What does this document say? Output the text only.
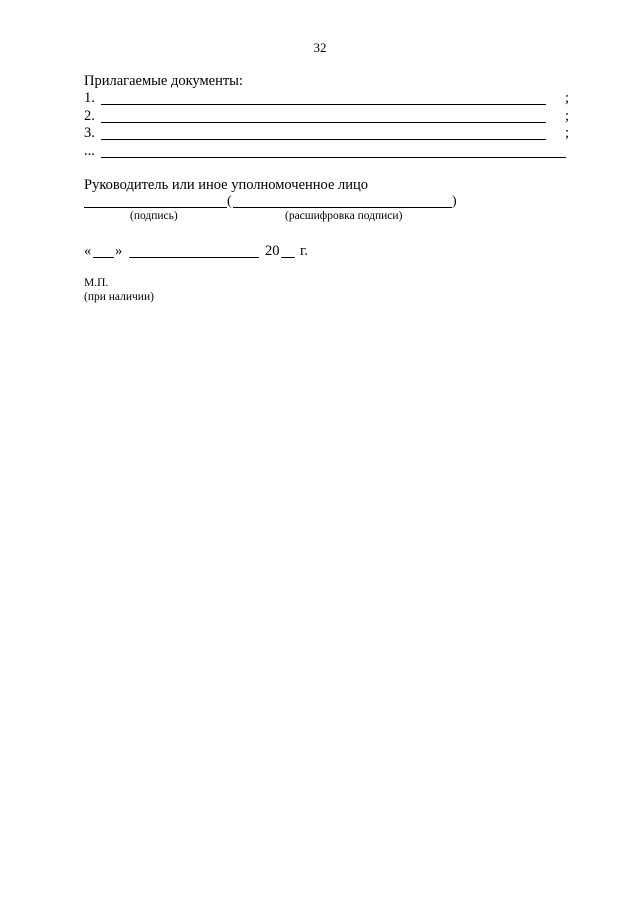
32
Прилагаемые документы:
1.	;
2.	;
3.	;
...
Руководитель или иное уполномоченное лицо
(	)
(подпись)	(расшифровка подписи)
« »	20 г.
М.П.
(при наличии)
